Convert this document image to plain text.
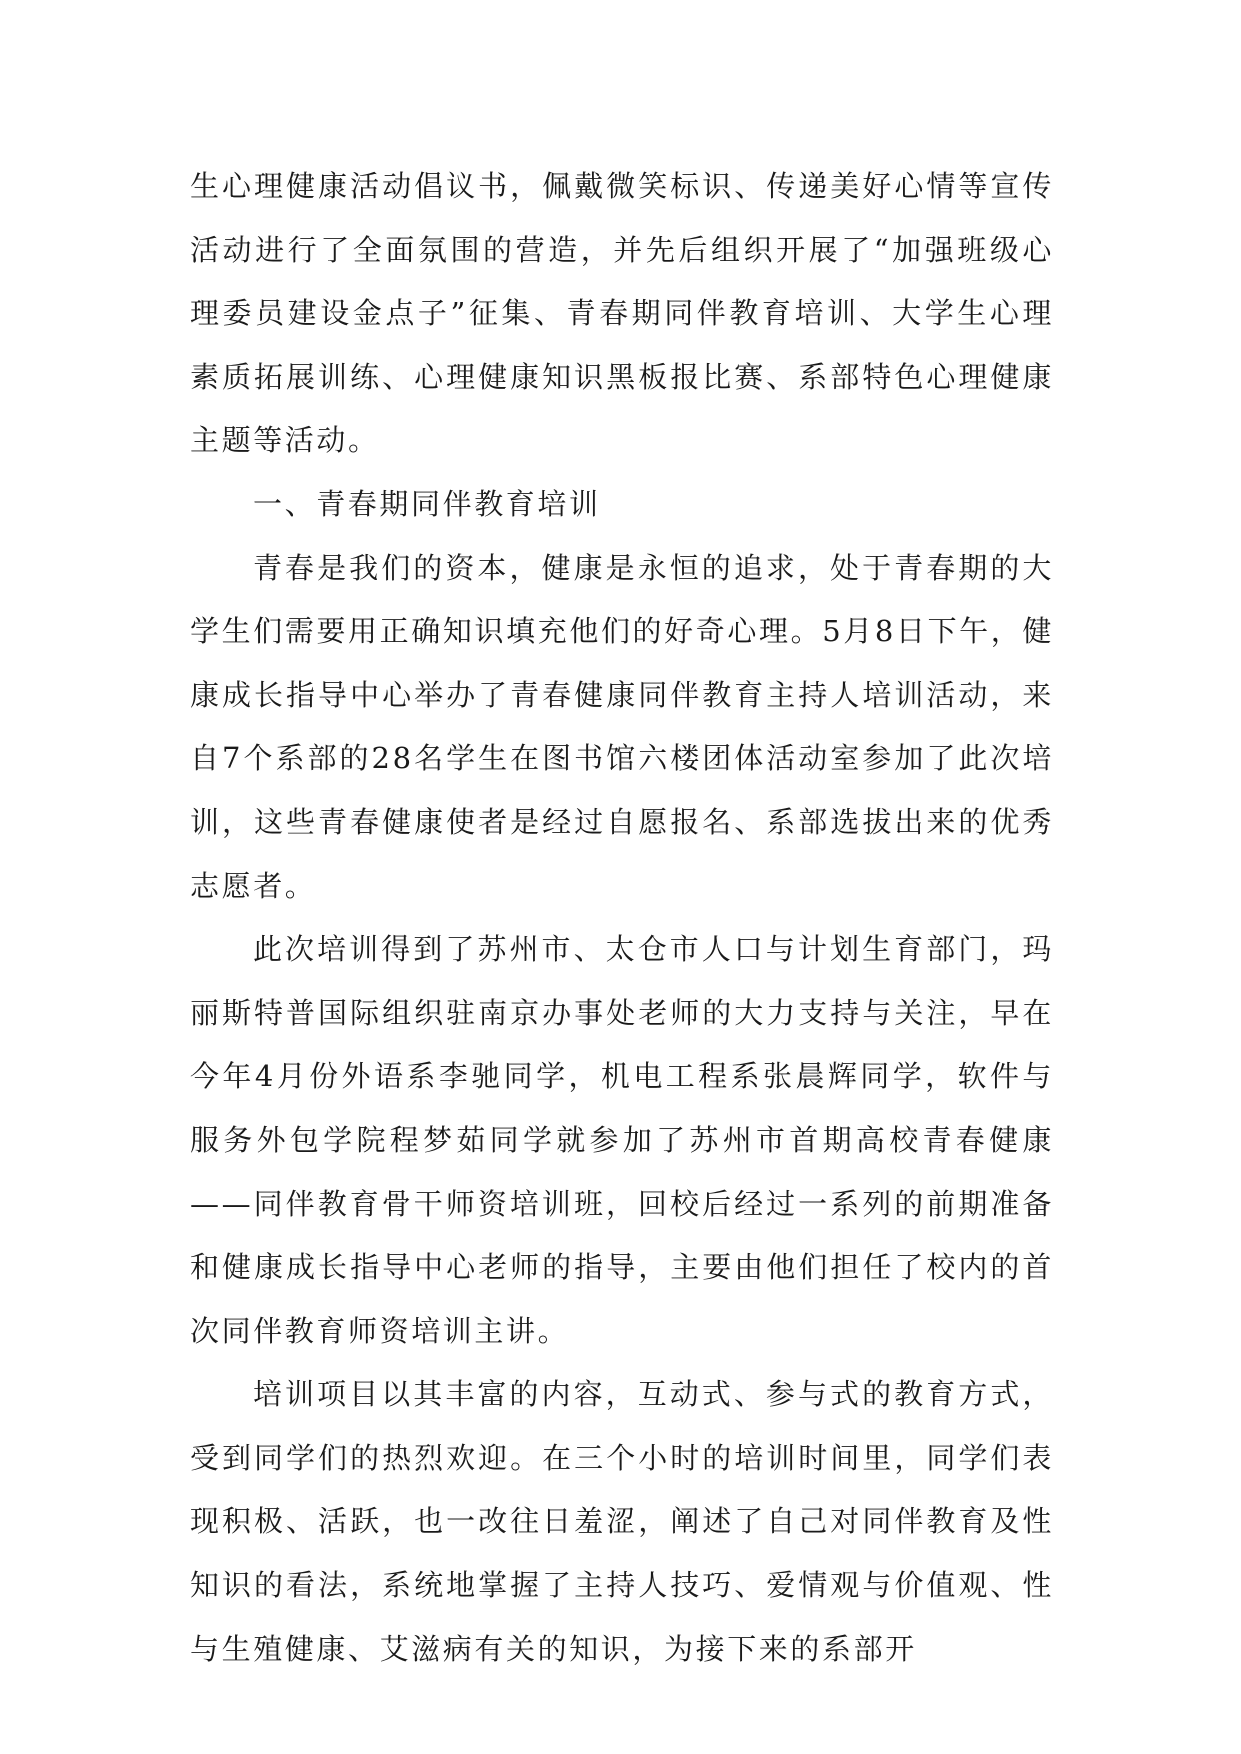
生心理健康活动倡议书，佩戴微笑标识、传递美好心情等宣传活动进行了全面氛围的营造，并先后组织开展了“加强班级心理委员建设金点子”征集、青春期同伴教育培训、大学生心理素质拓展训练、心理健康知识黑板报比赛、系部特色心理健康主题等活动。

一、青春期同伴教育培训

青春是我们的资本，健康是永恒的追求，处于青春期的大学生们需要用正确知识填充他们的好奇心理。5月8日下午，健康成长指导中心举办了青春健康同伴教育主持人培训活动，来自7个系部的28名学生在图书馆六楼团体活动室参加了此次培训，这些青春健康使者是经过自愿报名、系部选拔出来的优秀志愿者。

此次培训得到了苏州市、太仓市人口与计划生育部门，玛丽斯特普国际组织驻南京办事处老师的大力支持与关注，早在今年4月份外语系李驰同学，机电工程系张晨辉同学，软件与服务外包学院程梦茹同学就参加了苏州市首期高校青春健康——同伴教育骨干师资培训班，回校后经过一系列的前期准备和健康成长指导中心老师的指导，主要由他们担任了校内的首次同伴教育师资培训主讲。

培训项目以其丰富的内容，互动式、参与式的教育方式，受到同学们的热烈欢迎。在三个小时的培训时间里，同学们表现积极、活跃，也一改往日羞涩，阐述了自己对同伴教育及性知识的看法，系统地掌握了主持人技巧、爱情观与价值观、性与生殖健康、艾滋病有关的知识，为接下来的系部开
